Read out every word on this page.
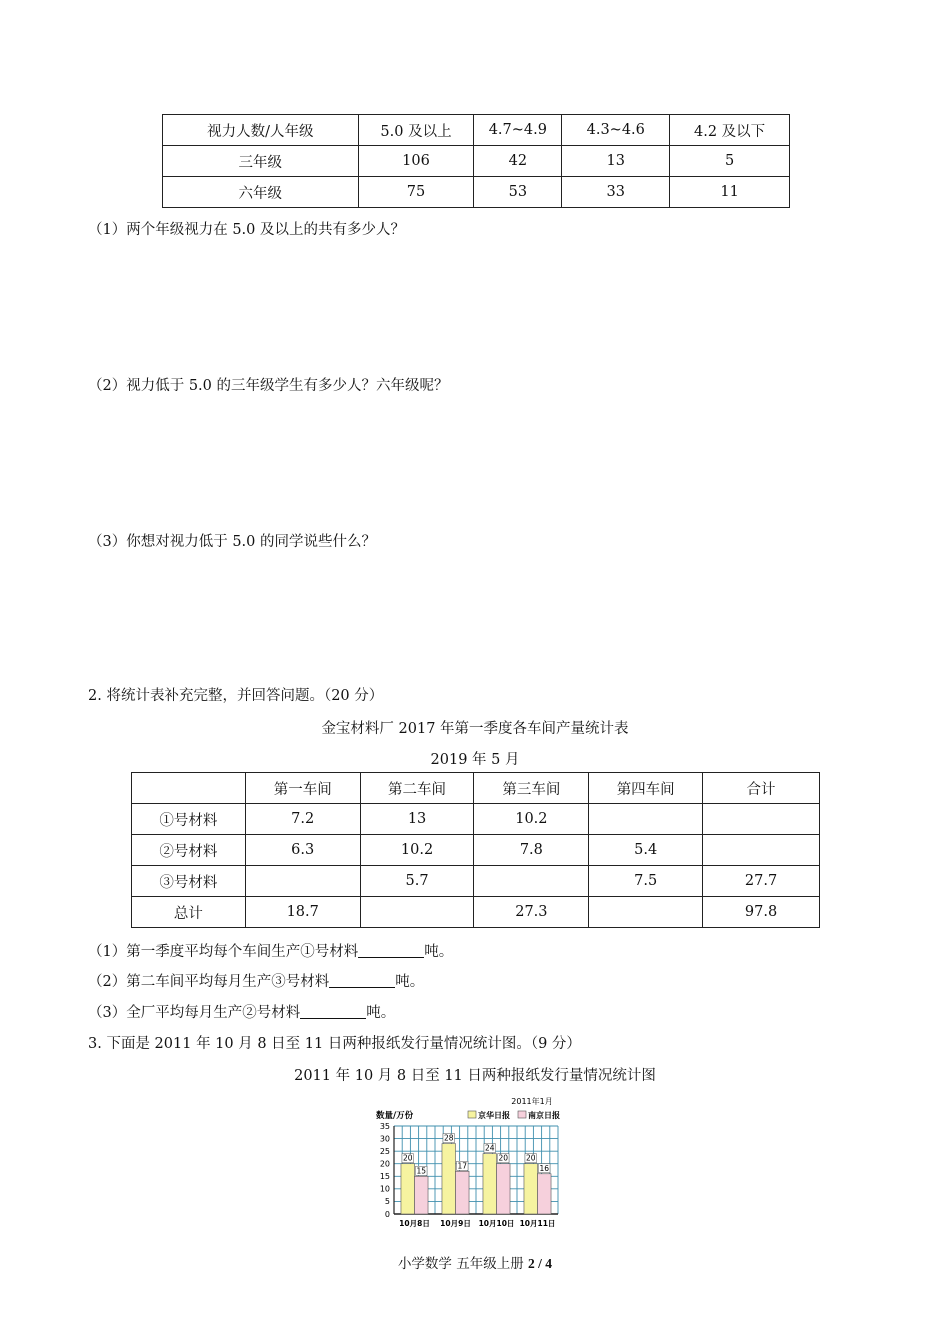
视力人数/人年级	5.0 及以上	4.7~4.9	4.3~4.6	4.2 及以下
三年级	106	42	13	5
六年级	75	53	33	11
（1）两个年级视力在 5.0 及以上的共有多少人？
（2）视力低于 5.0 的三年级学生有多少人？六年级呢？
（3）你想对视力低于 5.0 的同学说些什么？
2. 将统计表补充完整，并回答问题。（20 分）
金宝材料厂 2017 年第一季度各车间产量统计表
2019 年 5 月
	第一车间	第二车间	第三车间	第四车间	合计
①号材料	7.2	13	10.2		
②号材料	6.3	10.2	7.8	5.4	
③号材料		5.7		7.5	27.7
总计	18.7		27.3		97.8
（1）第一季度平均每个车间生产①号材料	吨。
（2）第二车间平均每月生产③号材料	吨。
（3）全厂平均每月生产②号材料	吨。
3. 下面是 2011 年 10 月 8 日至 11 日两种报纸发行量情况统计图。（9 分）
2011 年 10 月 8 日至 11 日两种报纸发行量情况统计图
2011年1月
数量/万份	京华日报 南京日报
20
15
28
17
24
20 20
16
0
5
10
15
20
25
30
35
10月8日 10月9日 10月10日 10月11日
小学数学 五年级上册 2 / 4
